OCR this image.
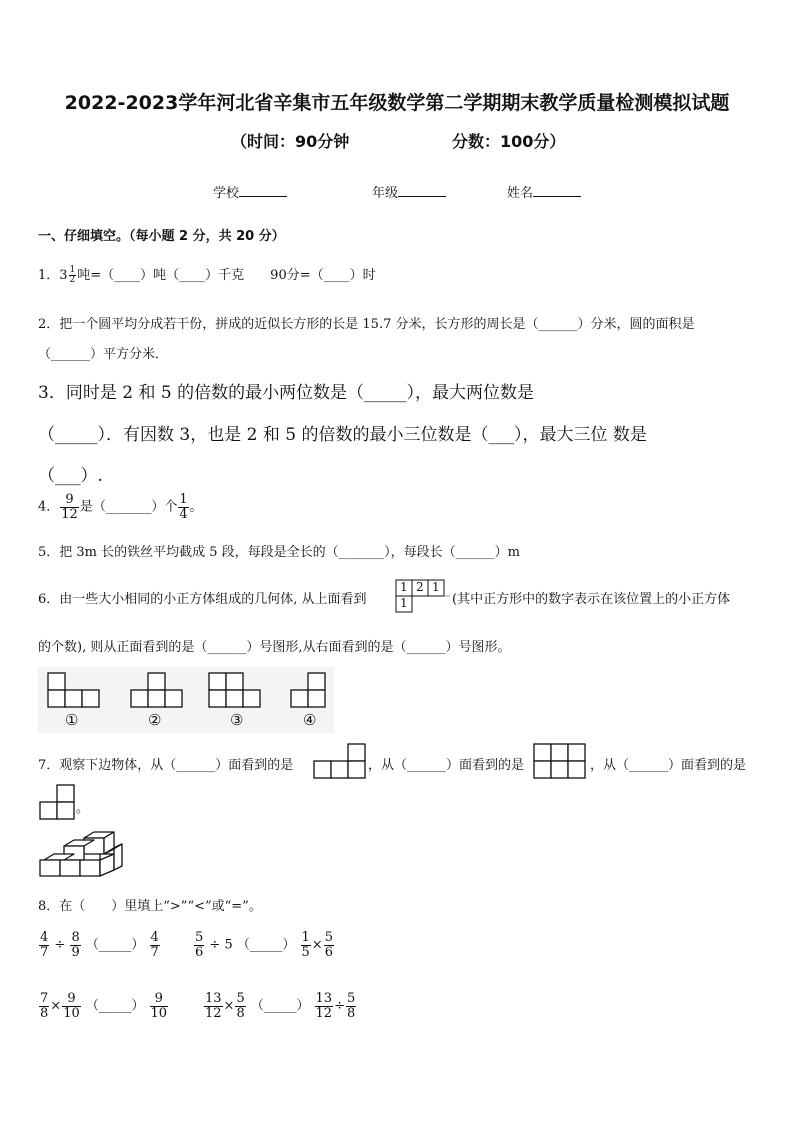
2022-2023学年河北省辛集市五年级数学第二学期期末教学质量检测模拟试题
（时间：90分钟	分数：100分）
学校	年级	姓名
一、仔细填空。（每小题 2 分，共 20 分）
1．$3 \frac{1}{2}$ 吨=（____）吨（____）千克　　90分=（____）时
2．把一个圆平均分成若干份，拼成的近似长方形的长是 15.7 分米，长方形的周长是（______）分米，圆的面积是
（______）平方分米．
3．同时是 2 和 5 的倍数的最小两位数是（_____），最大两位数是
（_____）．有因数 3，也是 2 和 5 的倍数的最小三位数是（___），最大三位 数是
（___）.
4． $\frac{9}{12}$ 是（_______）个 $\frac{1}{4}$ 。
5．把 3m 长的铁丝平均截成 5 段，每段是全长的（_______），每段长（______）m
6．由一些大小相同的小正方体组成的几何体, 从上面看到
1 2 1
1	(其中正方形中的数字表示在该位置上的小正方体
的个数), 则从正面看到的是（______）号图形,从右面看到的是（______）号图形。
①	②	③	④
7．观察下边物体，从（______）面看到的是	，从（______）面看到的是	，从（______）面看到的是
。
8．在（　　）里填上“>”“<”或“=”。
$\frac{4}{7} \div \frac{8}{9}$ （_____） $\frac{4}{7}$	$\frac{5}{6} \div 5$ （_____） $\frac{1}{5} \times \frac{5}{6}$
$\frac{7}{8} \times \frac{9}{10}$ （_____） $\frac{9}{10}$	$\frac{13}{12} \times \frac{5}{8}$ （_____） $\frac{13}{12} \div \frac{5}{8}$
